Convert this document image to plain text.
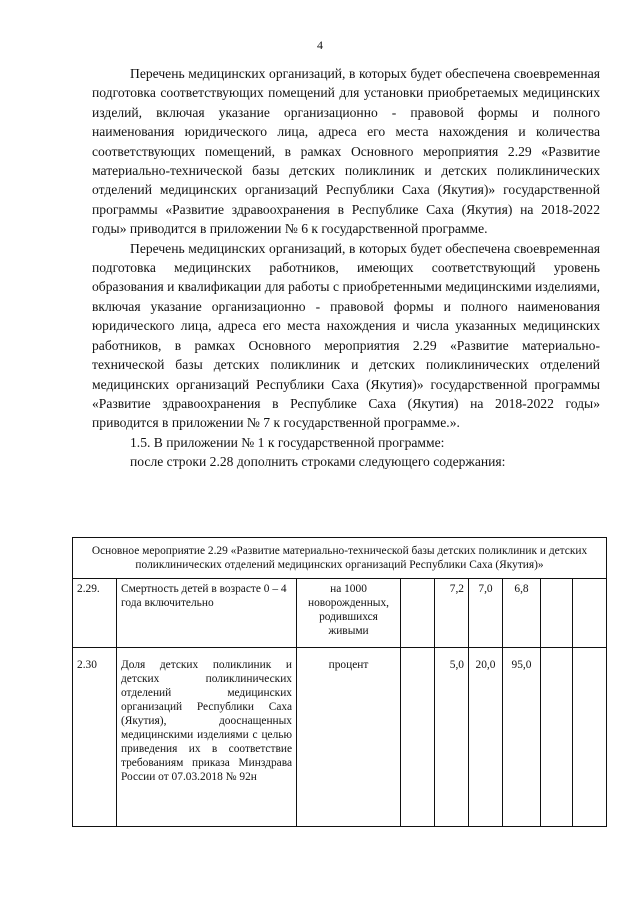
4

Перечень медицинских организаций, в которых будет обеспечена своевременная подготовка соответствующих помещений для установки приобретаемых медицинских изделий, включая указание организационно - правовой формы и полного наименования юридического лица, адреса его места нахождения и количества соответствующих помещений, в рамках Основного мероприятия 2.29 «Развитие материально-технической базы детских поликлиник и детских поликлинических отделений медицинских организаций Республики Саха (Якутия)» государственной программы «Развитие здравоохранения в Республике Саха (Якутия) на 2018-2022 годы» приводится в приложении № 6 к государственной программе.

Перечень медицинских организаций, в которых будет обеспечена своевременная подготовка медицинских работников, имеющих соответствующий уровень образования и квалификации для работы с приобретенными медицинскими изделиями, включая указание организационно - правовой формы и полного наименования юридического лица, адреса его места нахождения и числа указанных медицинских работников, в рамках Основного мероприятия 2.29 «Развитие материально-технической базы детских поликлиник и детских поликлинических отделений медицинских организаций Республики Саха (Якутия)» государственной программы «Развитие здравоохранения в Республике Саха (Якутия) на 2018-2022 годы» приводится в приложении № 7 к государственной программе.».

1.5. В приложении № 1 к государственной программе:

после строки 2.28 дополнить строками следующего содержания:

Основное мероприятие 2.29 «Развитие материально-технической базы детских поликлиник и детских поликлинических отделений медицинских организаций Республики Саха (Якутия)»								
2.29.	Смертность детей в возрасте 0 – 4 года включительно	на 1000 новорожденных, родившихся живыми		7,2	7,0	6,8		
2.30	Доля детских поликлиник и детских поликлинических отделений медицинских организаций Республики Саха (Якутия), дооснащенных медицинскими изделиями с целью приведения их в соответствие требованиям приказа Минздрава России от 07.03.2018 № 92н	процент		5,0	20,0	95,0		
